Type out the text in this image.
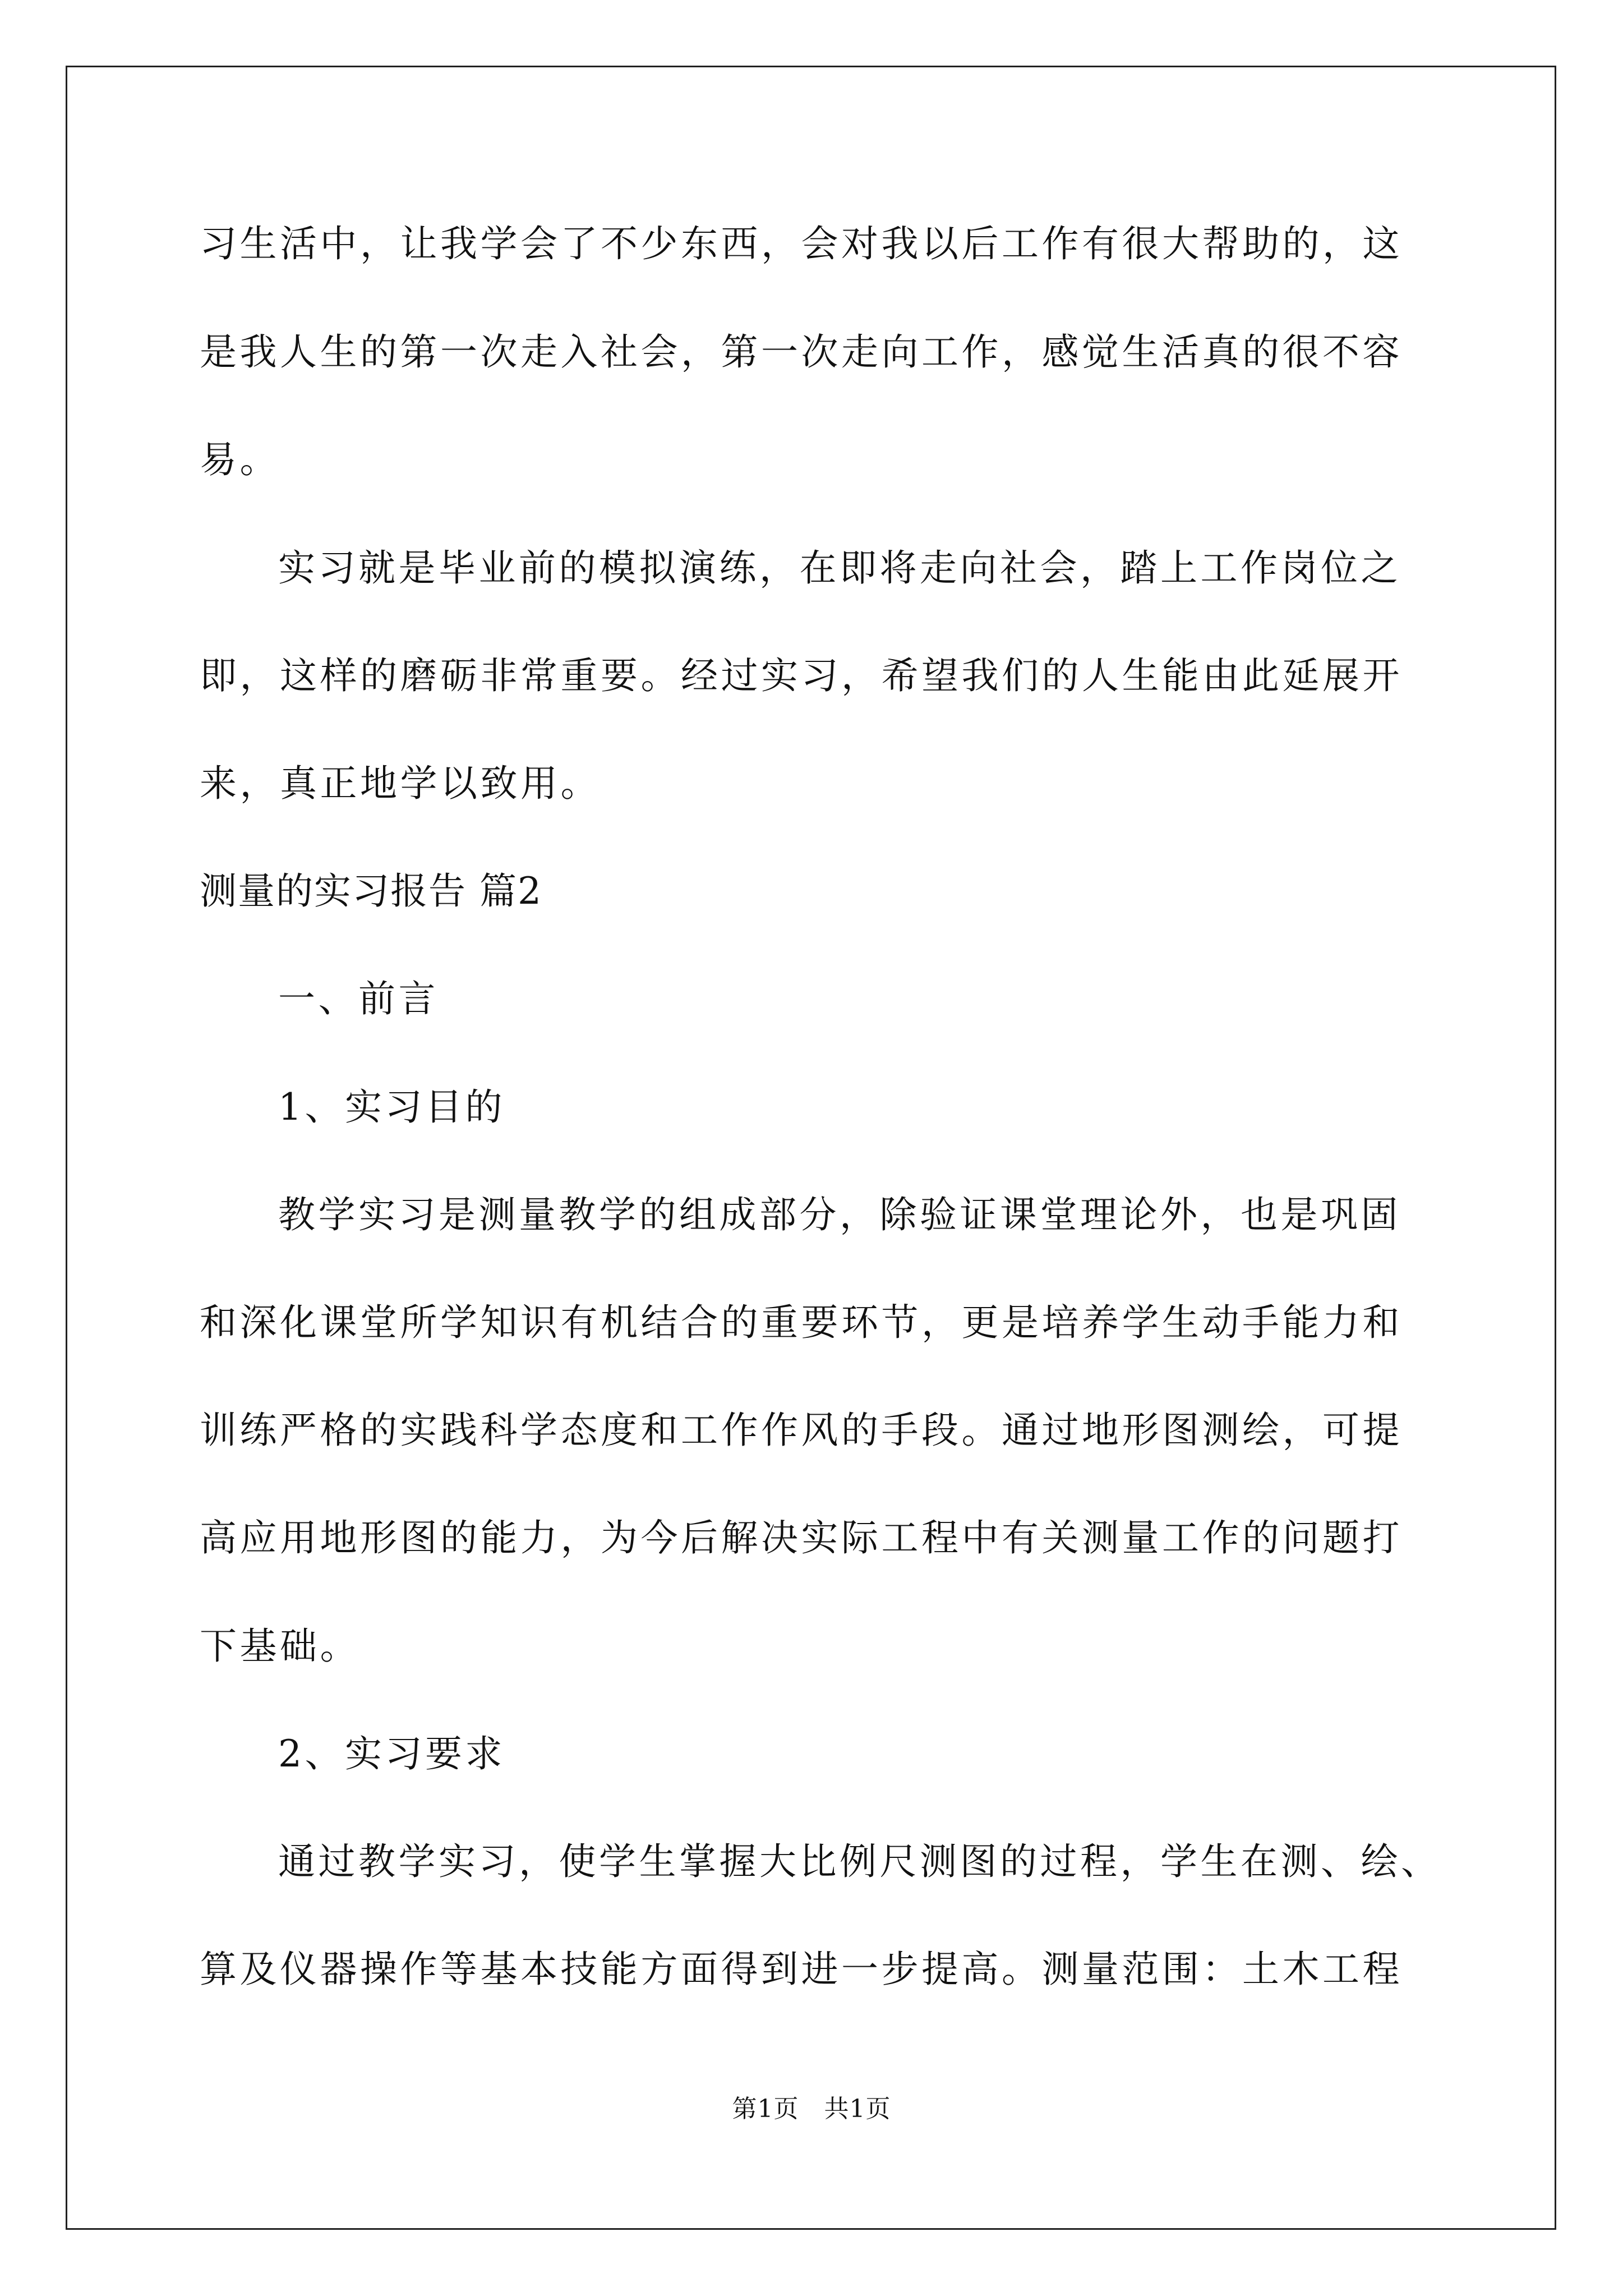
习生活中，让我学会了不少东西，会对我以后工作有很大帮助的，这
是我人生的第一次走入社会，第一次走向工作，感觉生活真的很不容
易。
实习就是毕业前的模拟演练，在即将走向社会，踏上工作岗位之
即，这样的磨砺非常重要。经过实习，希望我们的人生能由此延展开
来，真正地学以致用。
测量的实习报告 篇2
一、前言
1、实习目的
教学实习是测量教学的组成部分，除验证课堂理论外，也是巩固
和深化课堂所学知识有机结合的重要环节，更是培养学生动手能力和
训练严格的实践科学态度和工作作风的手段。通过地形图测绘，可提
高应用地形图的能力，为今后解决实际工程中有关测量工作的问题打
下基础。
2、实习要求
通过教学实习，使学生掌握大比例尺测图的过程，学生在测、绘、
算及仪器操作等基本技能方面得到进一步提高。测量范围：土木工程
第1页   共1页
